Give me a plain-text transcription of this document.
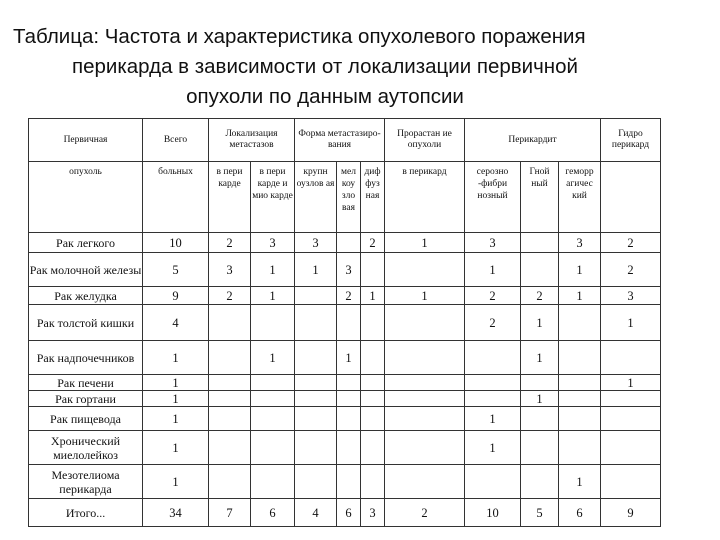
Таблица: Частота и характеристика опухолевого поражения
перикарда в зависимости от локализации первичной
опухоли по данным аутопсии
Первичная	Всего	Локализация метастазов		Форма метастазиро-вания			Прорастан ие опухоли	Перикардит			Гидро перикард
опухоль	больных	в пери карде	в пери карде и мио карде	крупн оузлов ая	мел коу зло вая	диф фуз ная	в перикард	серозно -фибри нозный	Гной ный	геморр агичес кий	
Рак легкого	10	2	3	3		2	1	3		3	2
Рак молочной железы	5	3	1	1	3			1		1	2
Рак желудка	9	2	1		2	1	1	2	2	1	3
Рак толстой кишки	4							2	1		1
Рак надпочечников	1		1		1				1		
Рак печени	1										1
Рак гортани	1								1		
Рак пищевода	1							1			
Хронический миелолейкоз	1							1			
Мезотелиома перикарда	1									1	
Итого...	34	7	6	4	6	3	2	10	5	6	9
